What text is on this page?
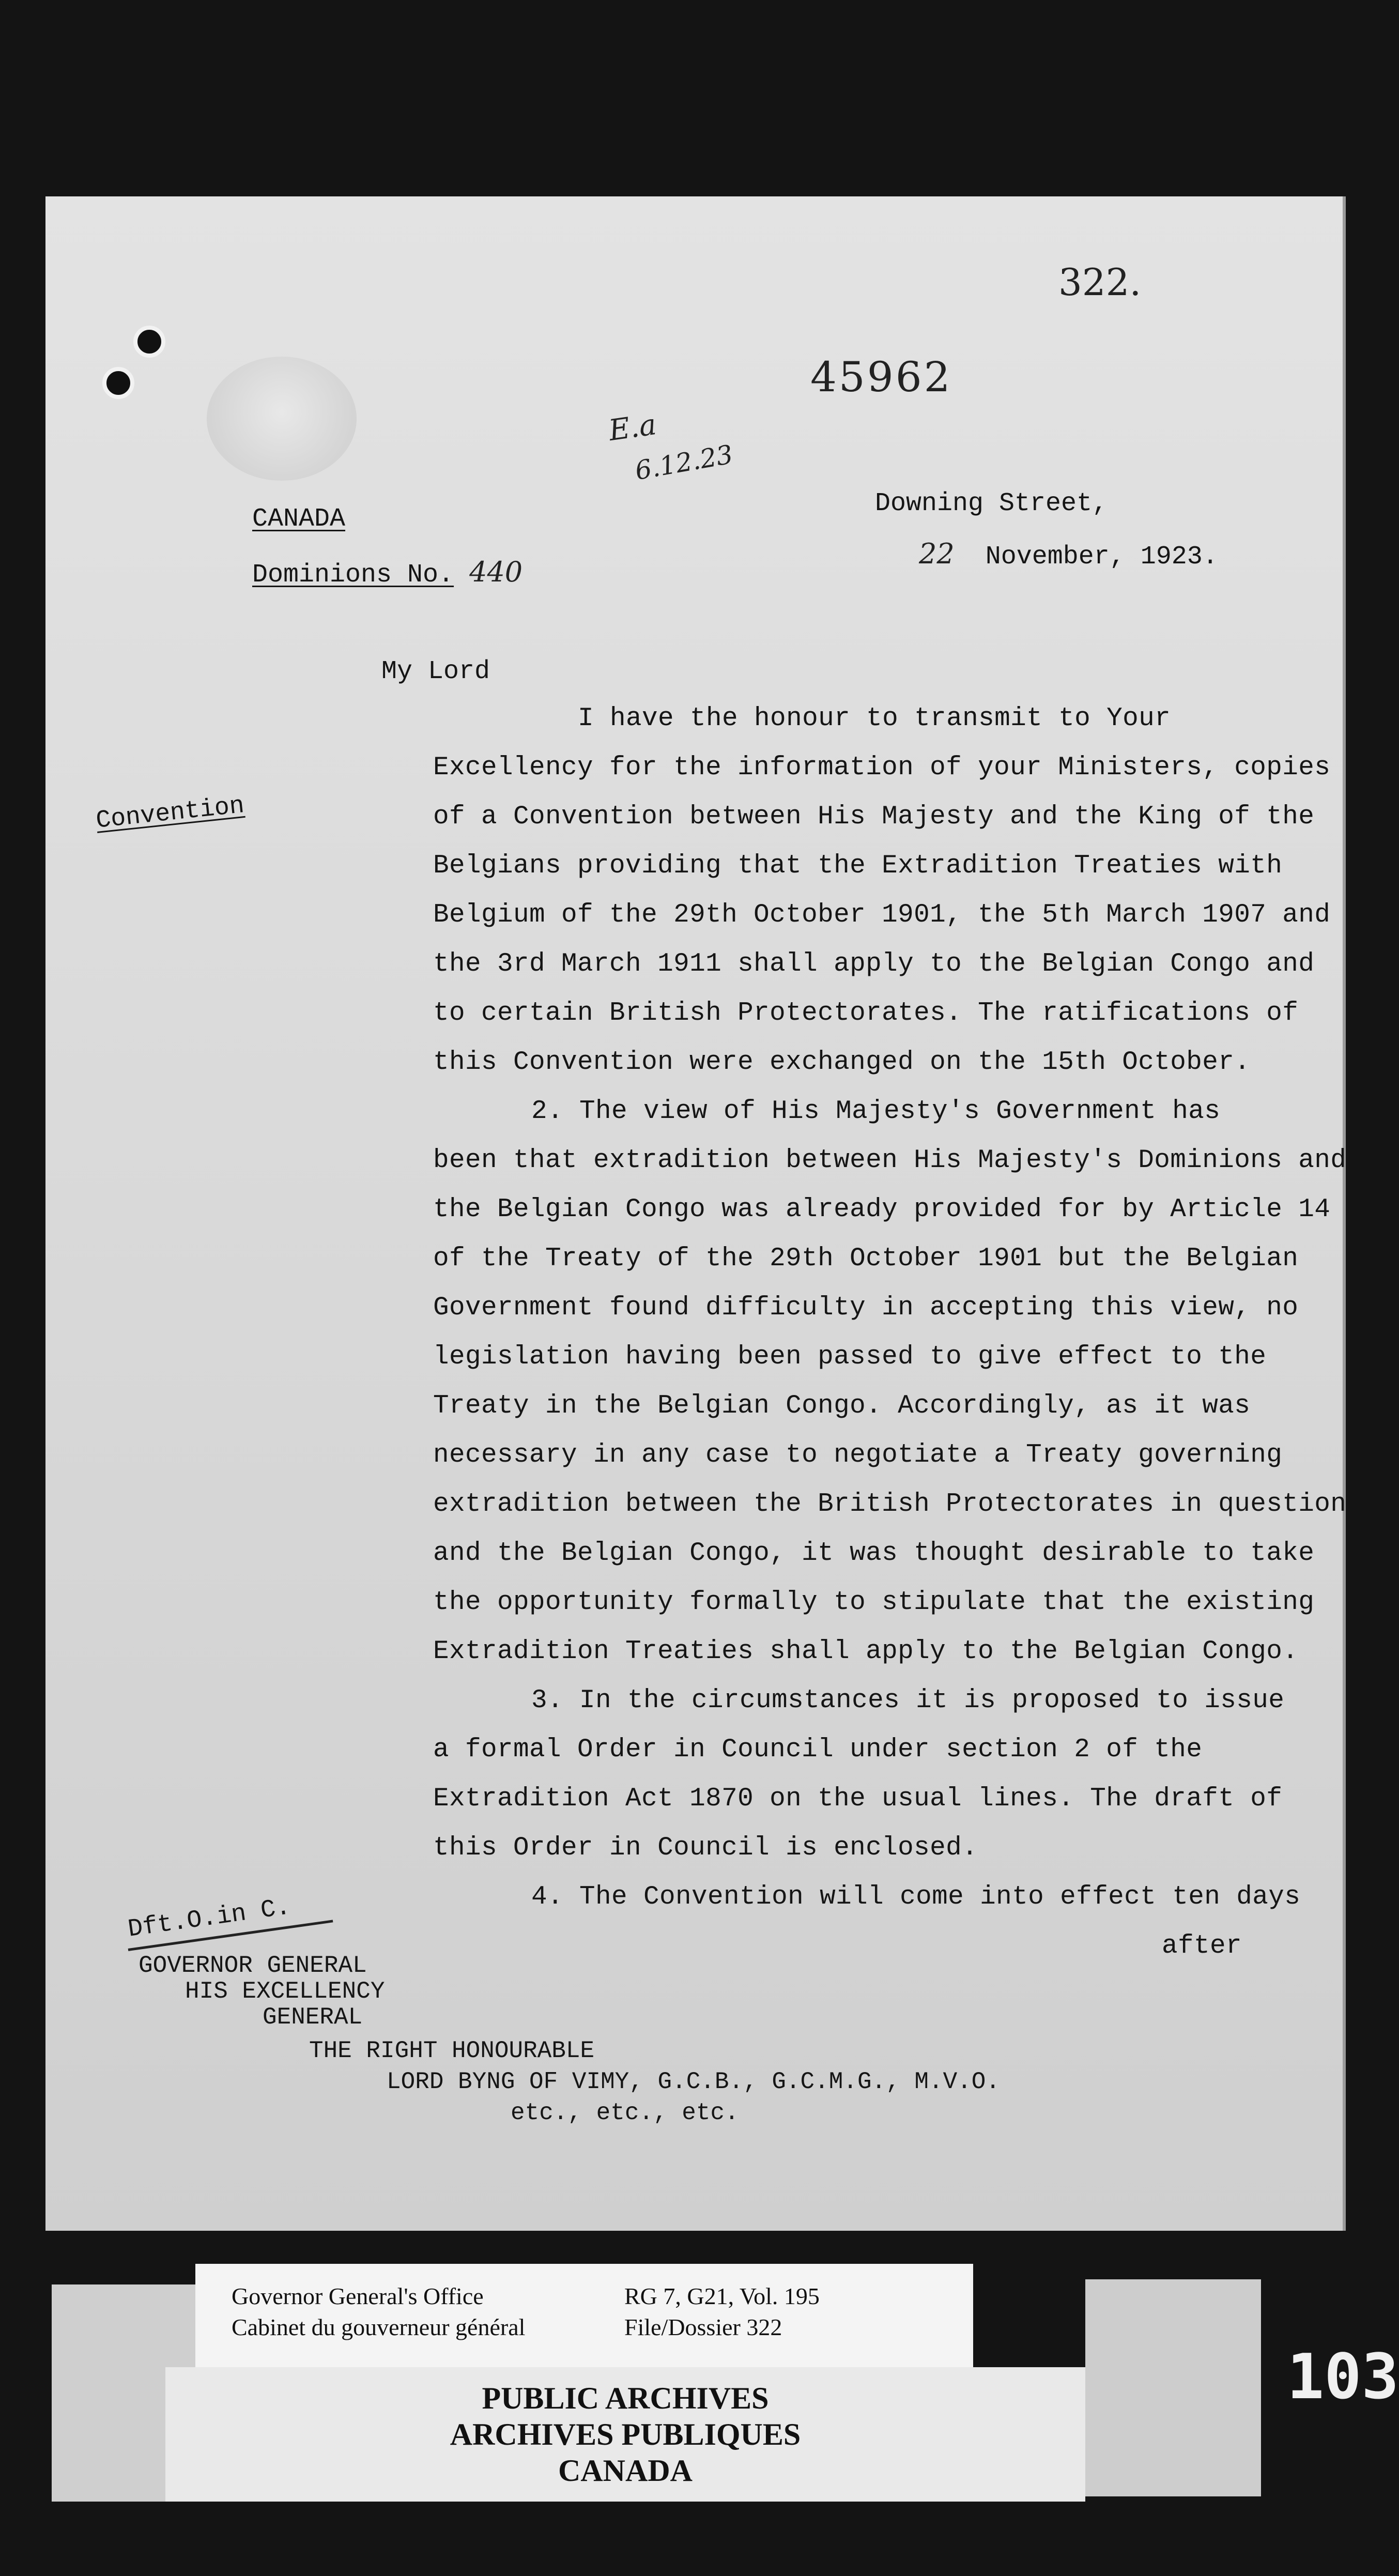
322.
45962
E.a
6.12.23
CANADA
Dominions No. 440
Downing Street,
22 November, 1923.
My Lord
Convention
Dft.O.in C.
I have the honour to transmit to Your
Excellency for the information of your Ministers, copies
of a Convention between His Majesty and the King of the
Belgians providing that the Extradition Treaties with
Belgium of the 29th October 1901, the 5th March 1907 and
the 3rd March 1911 shall apply to the Belgian Congo and
to certain British Protectorates. The ratifications of
this Convention were exchanged on the 15th October.
2. The view of His Majesty's Government has
been that extradition between His Majesty's Dominions and
the Belgian Congo was already provided for by Article 14
of the Treaty of the 29th October 1901 but the Belgian
Government found difficulty in accepting this view, no
legislation having been passed to give effect to the
Treaty in the Belgian Congo. Accordingly, as it was
necessary in any case to negotiate a Treaty governing
extradition between the British Protectorates in question
and the Belgian Congo, it was thought desirable to take
the opportunity formally to stipulate that the existing
Extradition Treaties shall apply to the Belgian Congo.
3. In the circumstances it is proposed to issue
a formal Order in Council under section 2 of the
Extradition Act 1870 on the usual lines. The draft of
this Order in Council is enclosed.
4. The Convention will come into effect ten days
after
GOVERNOR GENERAL
HIS EXCELLENCY
GENERAL
THE RIGHT HONOURABLE
LORD BYNG OF VIMY, G.C.B., G.C.M.G., M.V.O.
etc., etc., etc.
Governor General's Office
Cabinet du gouverneur général
RG 7, G21, Vol. 195
File/Dossier 322
PUBLIC ARCHIVES
ARCHIVES PUBLIQUES
CANADA
103
